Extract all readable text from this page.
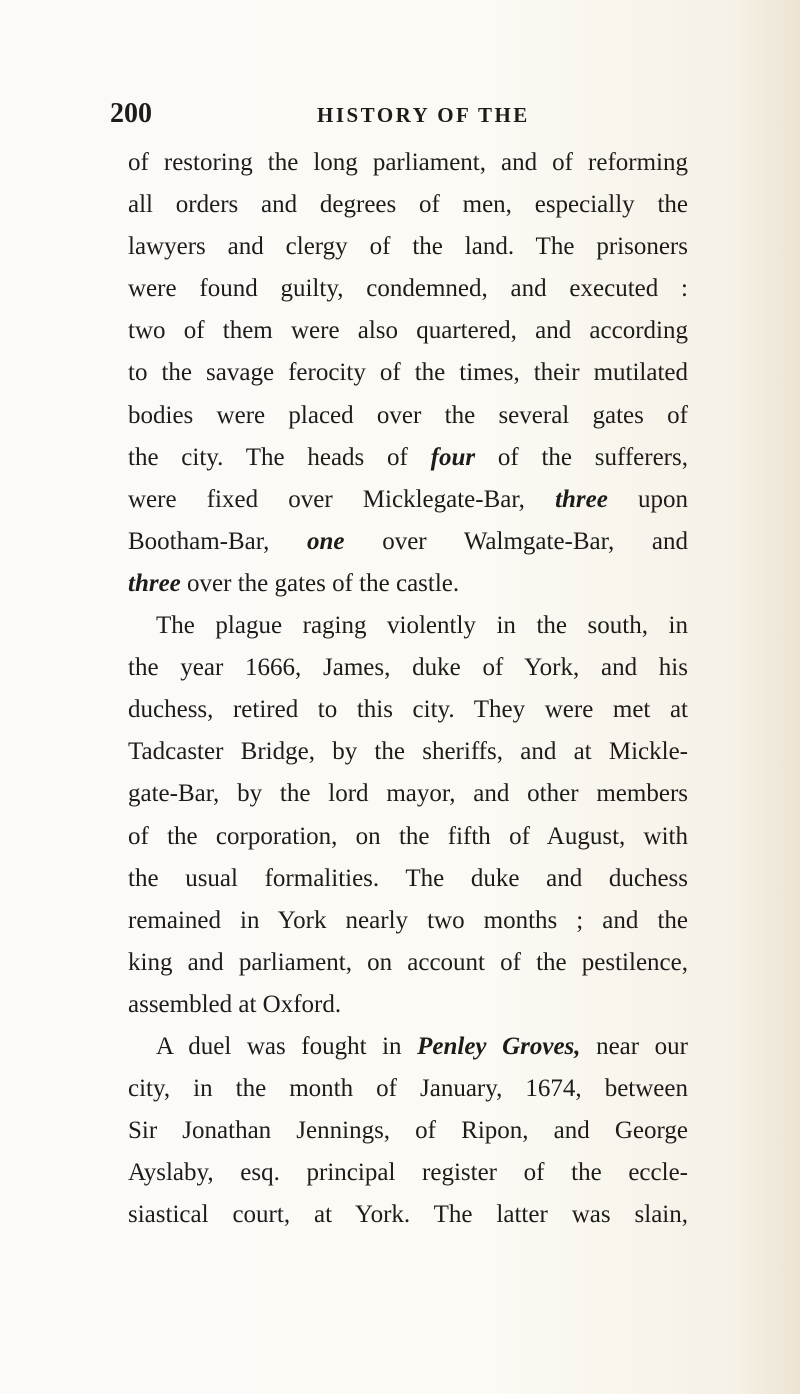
200	HISTORY OF THE
of restoring the long parliament, and of reforming
all orders and degrees of men, especially the
lawyers and clergy of the land. The prisoners
were found guilty, condemned, and executed :
two of them were also quartered, and according
to the savage ferocity of the times, their mutilated
bodies were placed over the several gates of
the city. The heads of four of the sufferers,
were fixed over Micklegate-Bar, three upon
Bootham-Bar, one over Walmgate-Bar, and
three over the gates of the castle.
The plague raging violently in the south, in
the year 1666, James, duke of York, and his
duchess, retired to this city. They were met at
Tadcaster Bridge, by the sheriffs, and at Mickle-
gate-Bar, by the lord mayor, and other members
of the corporation, on the fifth of August, with
the usual formalities. The duke and duchess
remained in York nearly two months ; and the
king and parliament, on account of the pestilence,
assembled at Oxford.
A duel was fought in Penley Groves, near our
city, in the month of January, 1674, between
Sir Jonathan Jennings, of Ripon, and George
Ayslaby, esq. principal register of the eccle-
siastical court, at York. The latter was slain,
